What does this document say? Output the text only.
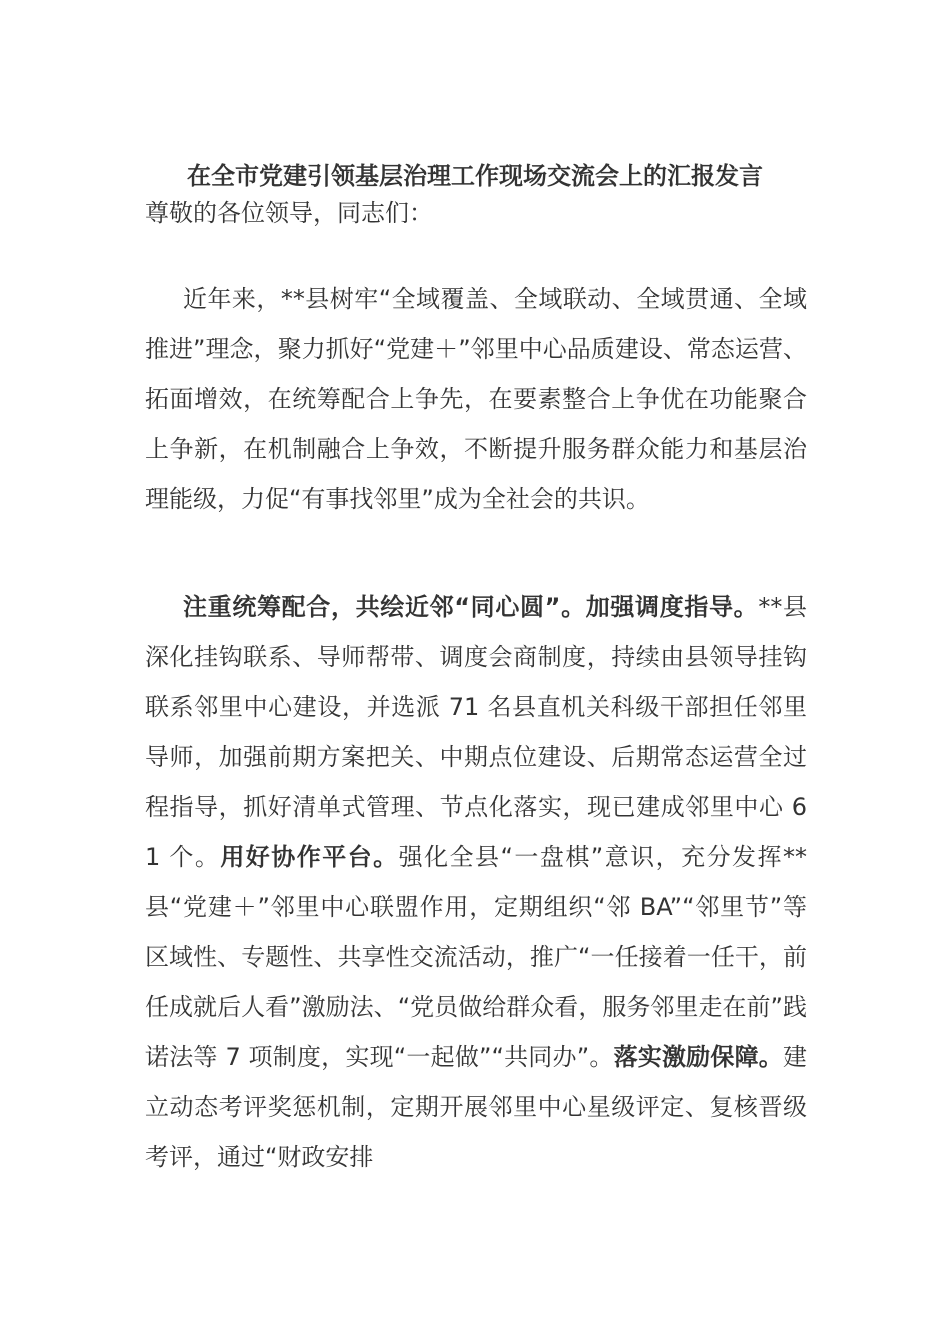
在全市党建引领基层治理工作现场交流会上的汇报发言
尊敬的各位领导，同志们：

近年来，**县树牢“全域覆盖、全域联动、全域贯通、全域推进”理念，聚力抓好“党建＋”邻里中心品质建设、常态运营、拓面增效，在统筹配合上争先，在要素整合上争优在功能聚合上争新，在机制融合上争效，不断提升服务群众能力和基层治理能级，力促“有事找邻里”成为全社会的共识。

注重统筹配合，共绘近邻“同心圆”。加强调度指导。**县深化挂钩联系、导师帮带、调度会商制度，持续由县领导挂钩联系邻里中心建设，并选派 71 名县直机关科级干部担任邻里导师，加强前期方案把关、中期点位建设、后期常态运营全过程指导，抓好清单式管理、节点化落实，现已建成邻里中心 61 个。用好协作平台。强化全县“一盘棋”意识，充分发挥**县“党建＋”邻里中心联盟作用，定期组织“邻 BA”“邻里节”等区域性、专题性、共享性交流活动，推广“一任接着一任干，前任成就后人看”激励法、“党员做给群众看，服务邻里走在前”践诺法等 7 项制度，实现“一起做”“共同办”。落实激励保障。建立动态考评奖惩机制，定期开展邻里中心星级评定、复核晋级考评，通过“财政安排
